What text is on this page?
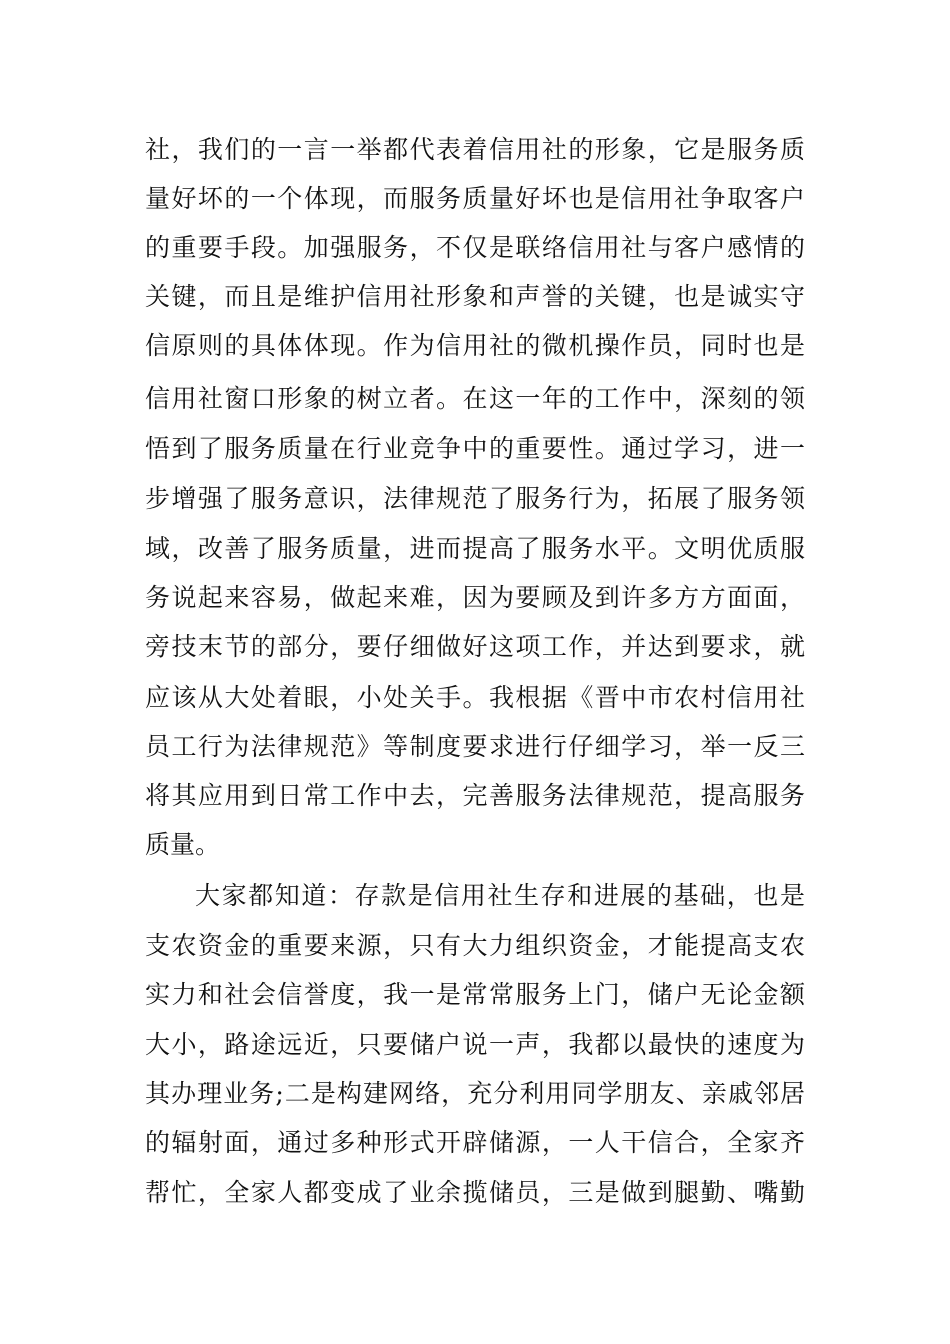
社，我们的一言一举都代表着信用社的形象，它是服务质
量好坏的一个体现，而服务质量好坏也是信用社争取客户
的重要手段。加强服务，不仅是联络信用社与客户感情的
关键，而且是维护信用社形象和声誉的关键，也是诚实守
信原则的具体体现。作为信用社的微机操作员，同时也是
信用社窗口形象的树立者。在这一年的工作中，深刻的领
悟到了服务质量在行业竞争中的重要性。通过学习，进一
步增强了服务意识，法律规范了服务行为，拓展了服务领
域，改善了服务质量，进而提高了服务水平。文明优质服
务说起来容易，做起来难，因为要顾及到许多方方面面，
旁技末节的部分，要仔细做好这项工作，并达到要求，就
应该从大处着眼，小处关手。我根据《晋中市农村信用社
员工行为法律规范》等制度要求进行仔细学习，举一反三
将其应用到日常工作中去，完善服务法律规范，提高服务
质量。
大家都知道：存款是信用社生存和进展的基础，也是
支农资金的重要来源，只有大力组织资金，才能提高支农
实力和社会信誉度，我一是常常服务上门，储户无论金额
大小，路途远近，只要储户说一声，我都以最快的速度为
其办理业务;二是构建网络，充分利用同学朋友、亲戚邻居
的辐射面，通过多种形式开辟储源，一人干信合，全家齐
帮忙，全家人都变成了业余揽储员，三是做到腿勤、嘴勤
